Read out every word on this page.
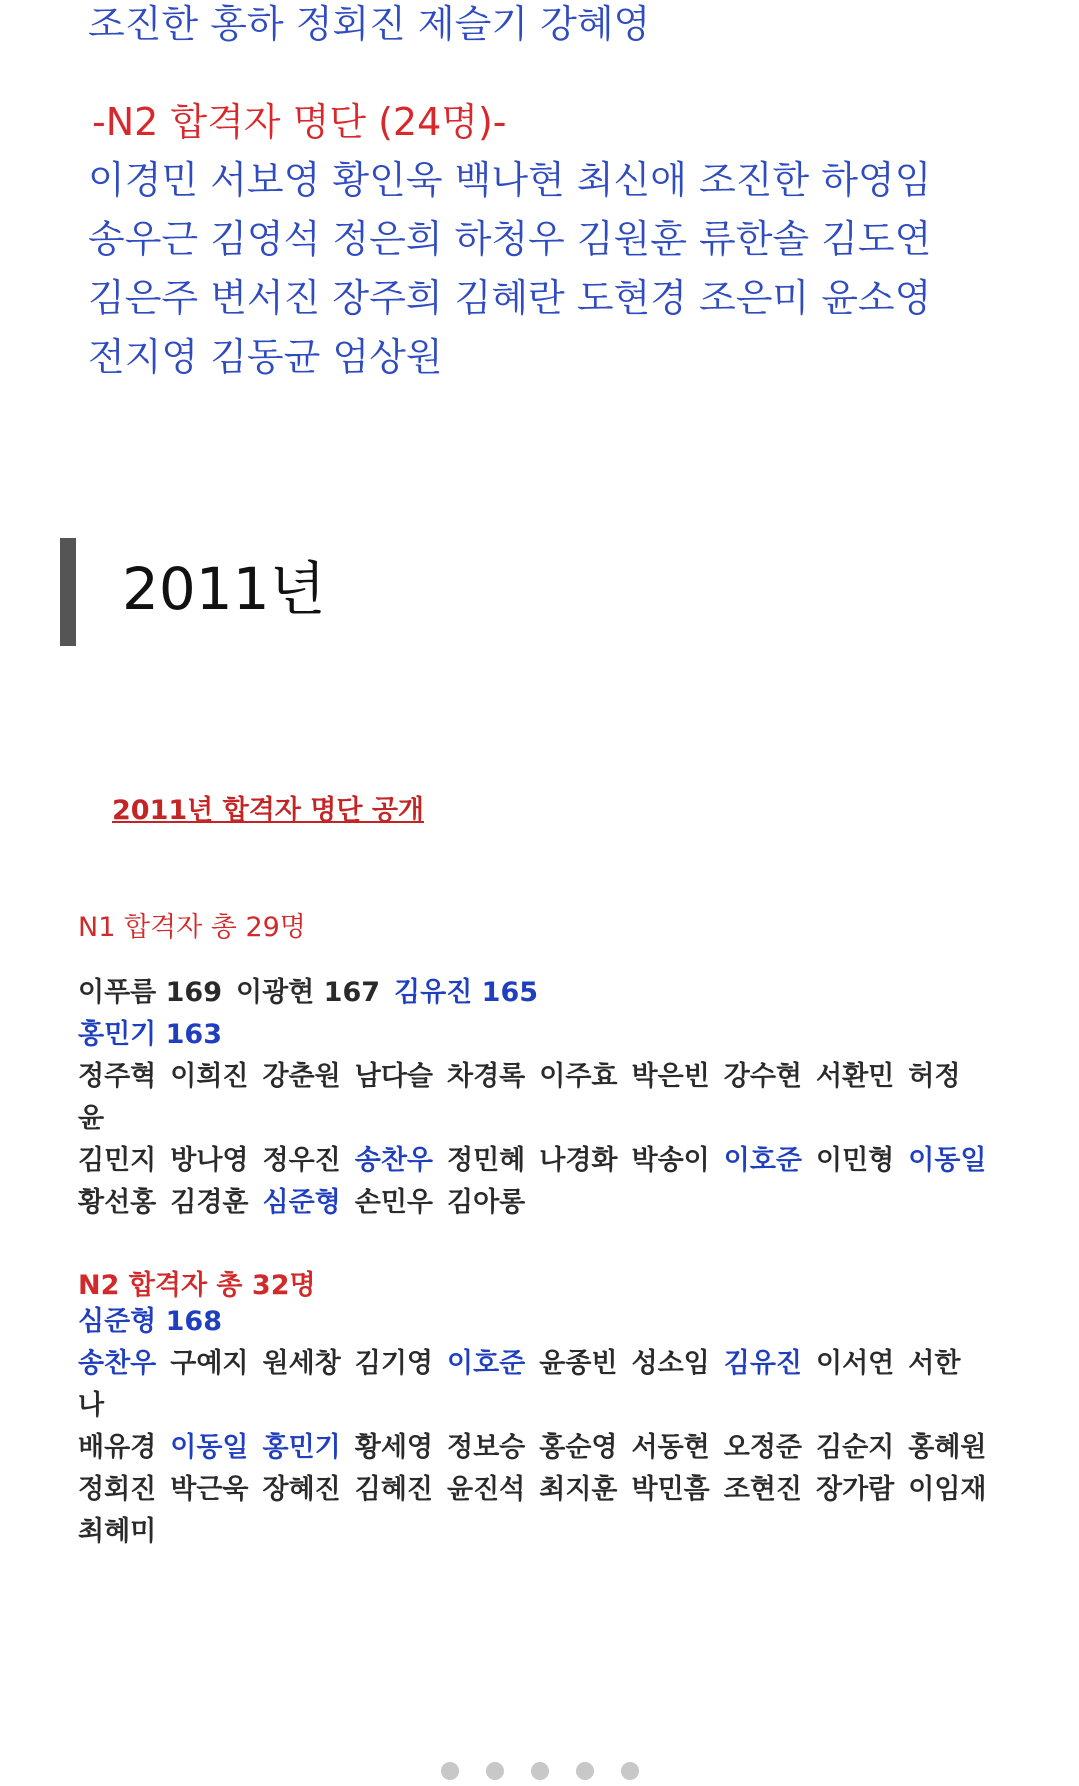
조진한 홍하 정회진 제슬기 강혜영
-N2 합격자 명단 (24명)-
이경민 서보영 황인욱 백나현 최신애 조진한 하영임
송우근 김영석 정은희 하청우 김원훈 류한솔 김도연
김은주 변서진 장주희 김혜란 도현경 조은미 윤소영
전지영 김동균 엄상원
2011년
2011년 합격자 명단 공개
N1 합격자 총 29명
이푸름 169 이광현 167 김유진 165
홍민기 163
정주혁 이희진 강춘원 남다슬 차경록 이주효 박은빈 강수현 서환민 허정
윤
김민지 방나영 정우진 송찬우 정민혜 나경화 박송이 이호준 이민형 이동일
황선홍 김경훈 심준형 손민우 김아롱
N2 합격자 총 32명
심준형 168
송찬우 구예지 원세창 김기영 이호준 윤종빈 성소임 김유진 이서연 서한
나
배유경 이동일 홍민기 황세영 정보승 홍순영 서동현 오정준 김순지 홍혜원
정회진 박근욱 장혜진 김혜진 윤진석 최지훈 박민흠 조현진 장가람 이임재
최혜미
